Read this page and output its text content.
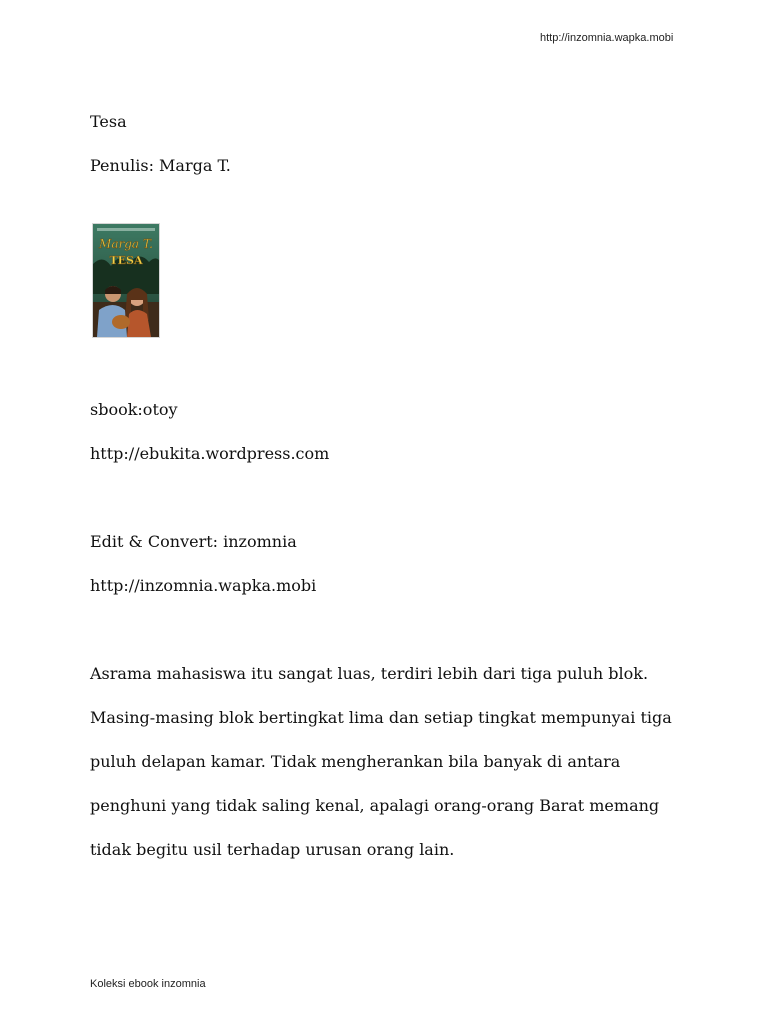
http://inzomnia.wapka.mobi
Tesa
Penulis: Marga T.
sbook:otoy
http://ebukita.wordpress.com
Edit & Convert: inzomnia
http://inzomnia.wapka.mobi
Asrama mahasiswa itu sangat luas, terdiri lebih dari tiga puluh blok.
Masing-masing blok bertingkat lima dan setiap tingkat mempunyai tiga
puluh delapan kamar. Tidak mengherankan bila banyak di antara
penghuni yang tidak saling kenal, apalagi orang-orang Barat memang
tidak begitu usil terhadap urusan orang lain.
Marga T.
TESA
Koleksi ebook inzomnia
